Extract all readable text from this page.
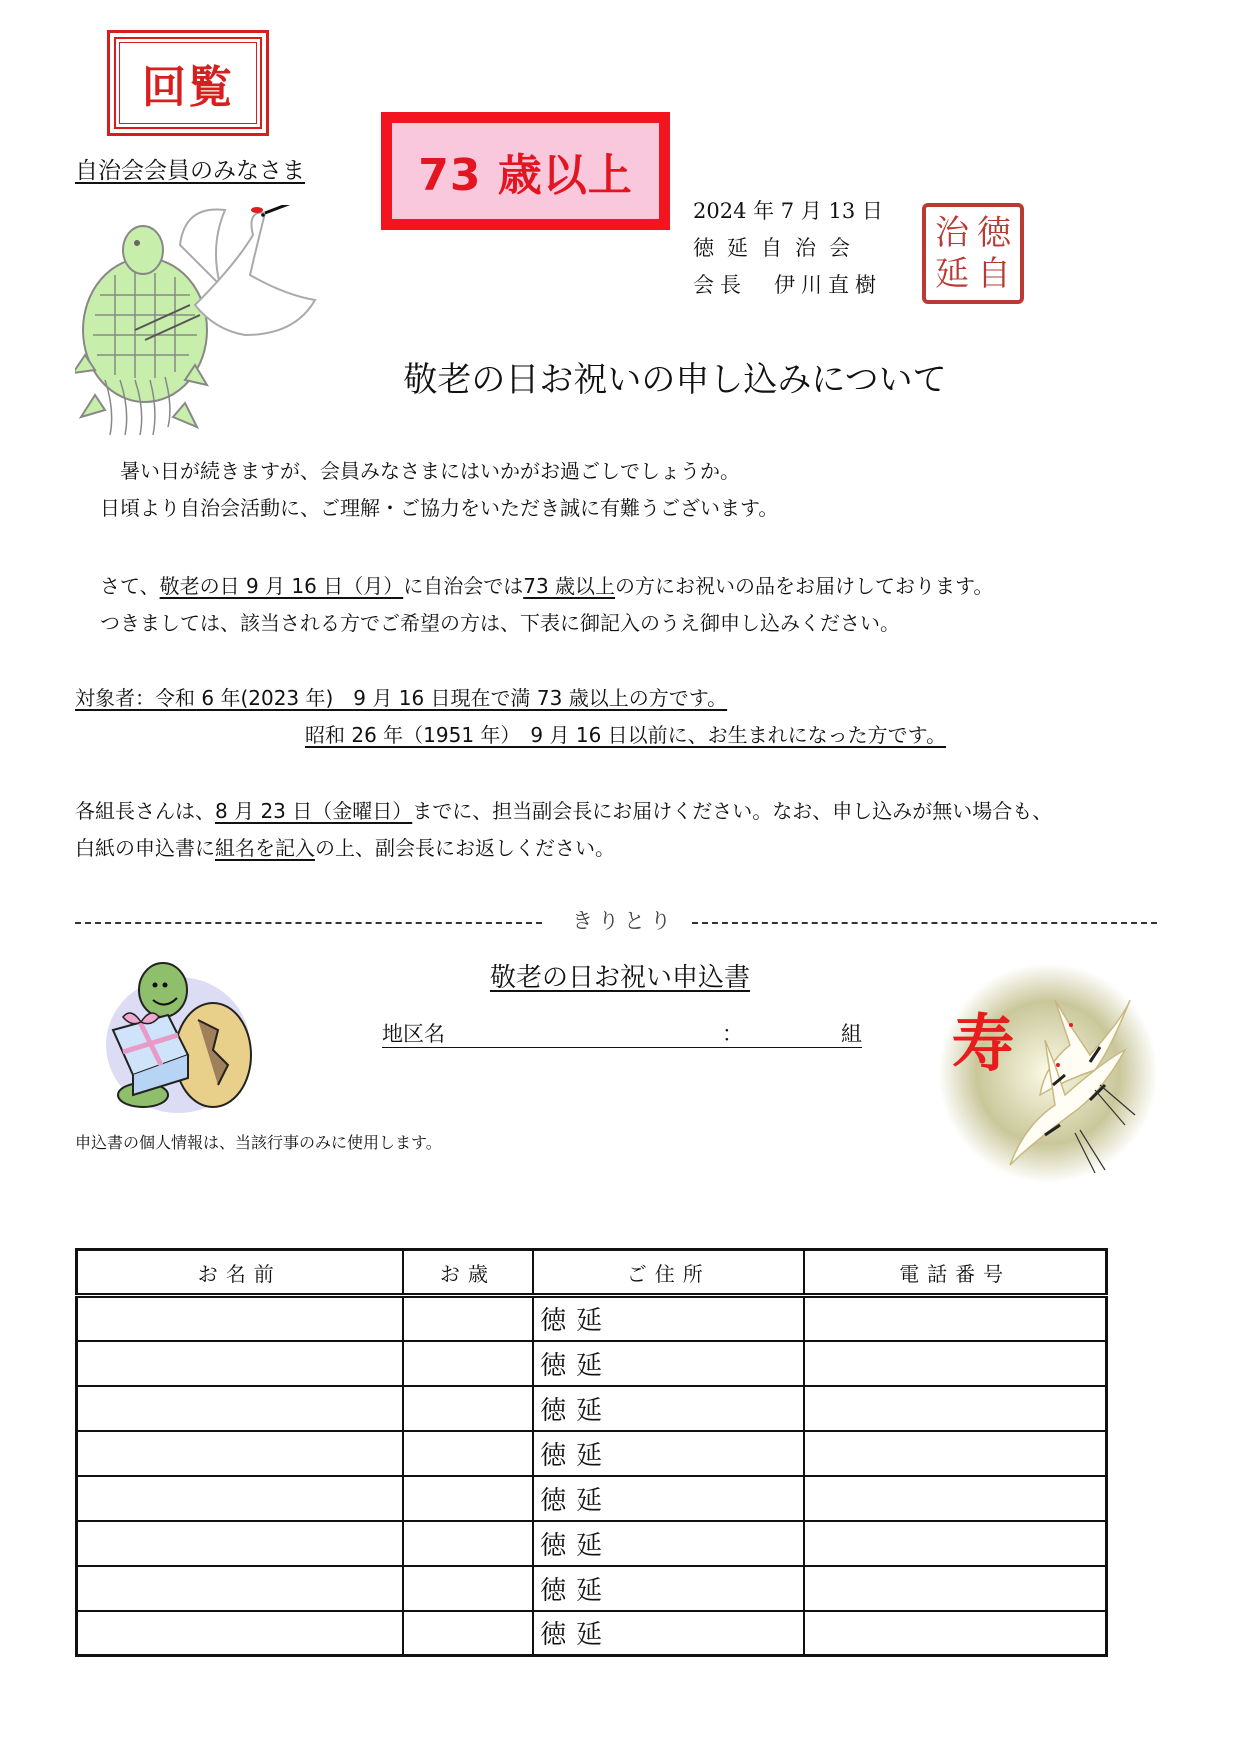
回覧
自治会会員のみなさま	73 歳以上
2024 年 7 月 13 日
徳延自治会
会長　伊川直樹
治 徳
延 自
敬老の日お祝いの申し込みについて
暑い日が続きますが、会員みなさまにはいかがお過ごしでしょうか。
日頃より自治会活動に、ご理解・ご協力をいただき誠に有難うございます。
さて、敬老の日 9 月 16 日（月）に自治会では73 歳以上の方にお祝いの品をお届けしております。
つきましては、該当される方でご希望の方は、下表に御記入のうえ御申し込みください。
対象者：令和 6 年(2023 年)　9 月 16 日現在で満 73 歳以上の方です。
昭和 26 年（1951 年）　9 月 16 日以前に、お生まれになった方です。
各組長さんは、8 月 23 日（金曜日）までに、担当副会長にお届けください。なお、申し込みが無い場合も、
白紙の申込書に組名を記入の上、副会長にお返しください。
きりとり
敬老の日お祝い申込書
地区名	：	組
申込書の個人情報は、当該行事のみに使用します。
寿
お名前	お歳	ご住所	電話番号
		徳延	
		徳延	
		徳延	
		徳延	
		徳延	
		徳延	
		徳延	
		徳延	
